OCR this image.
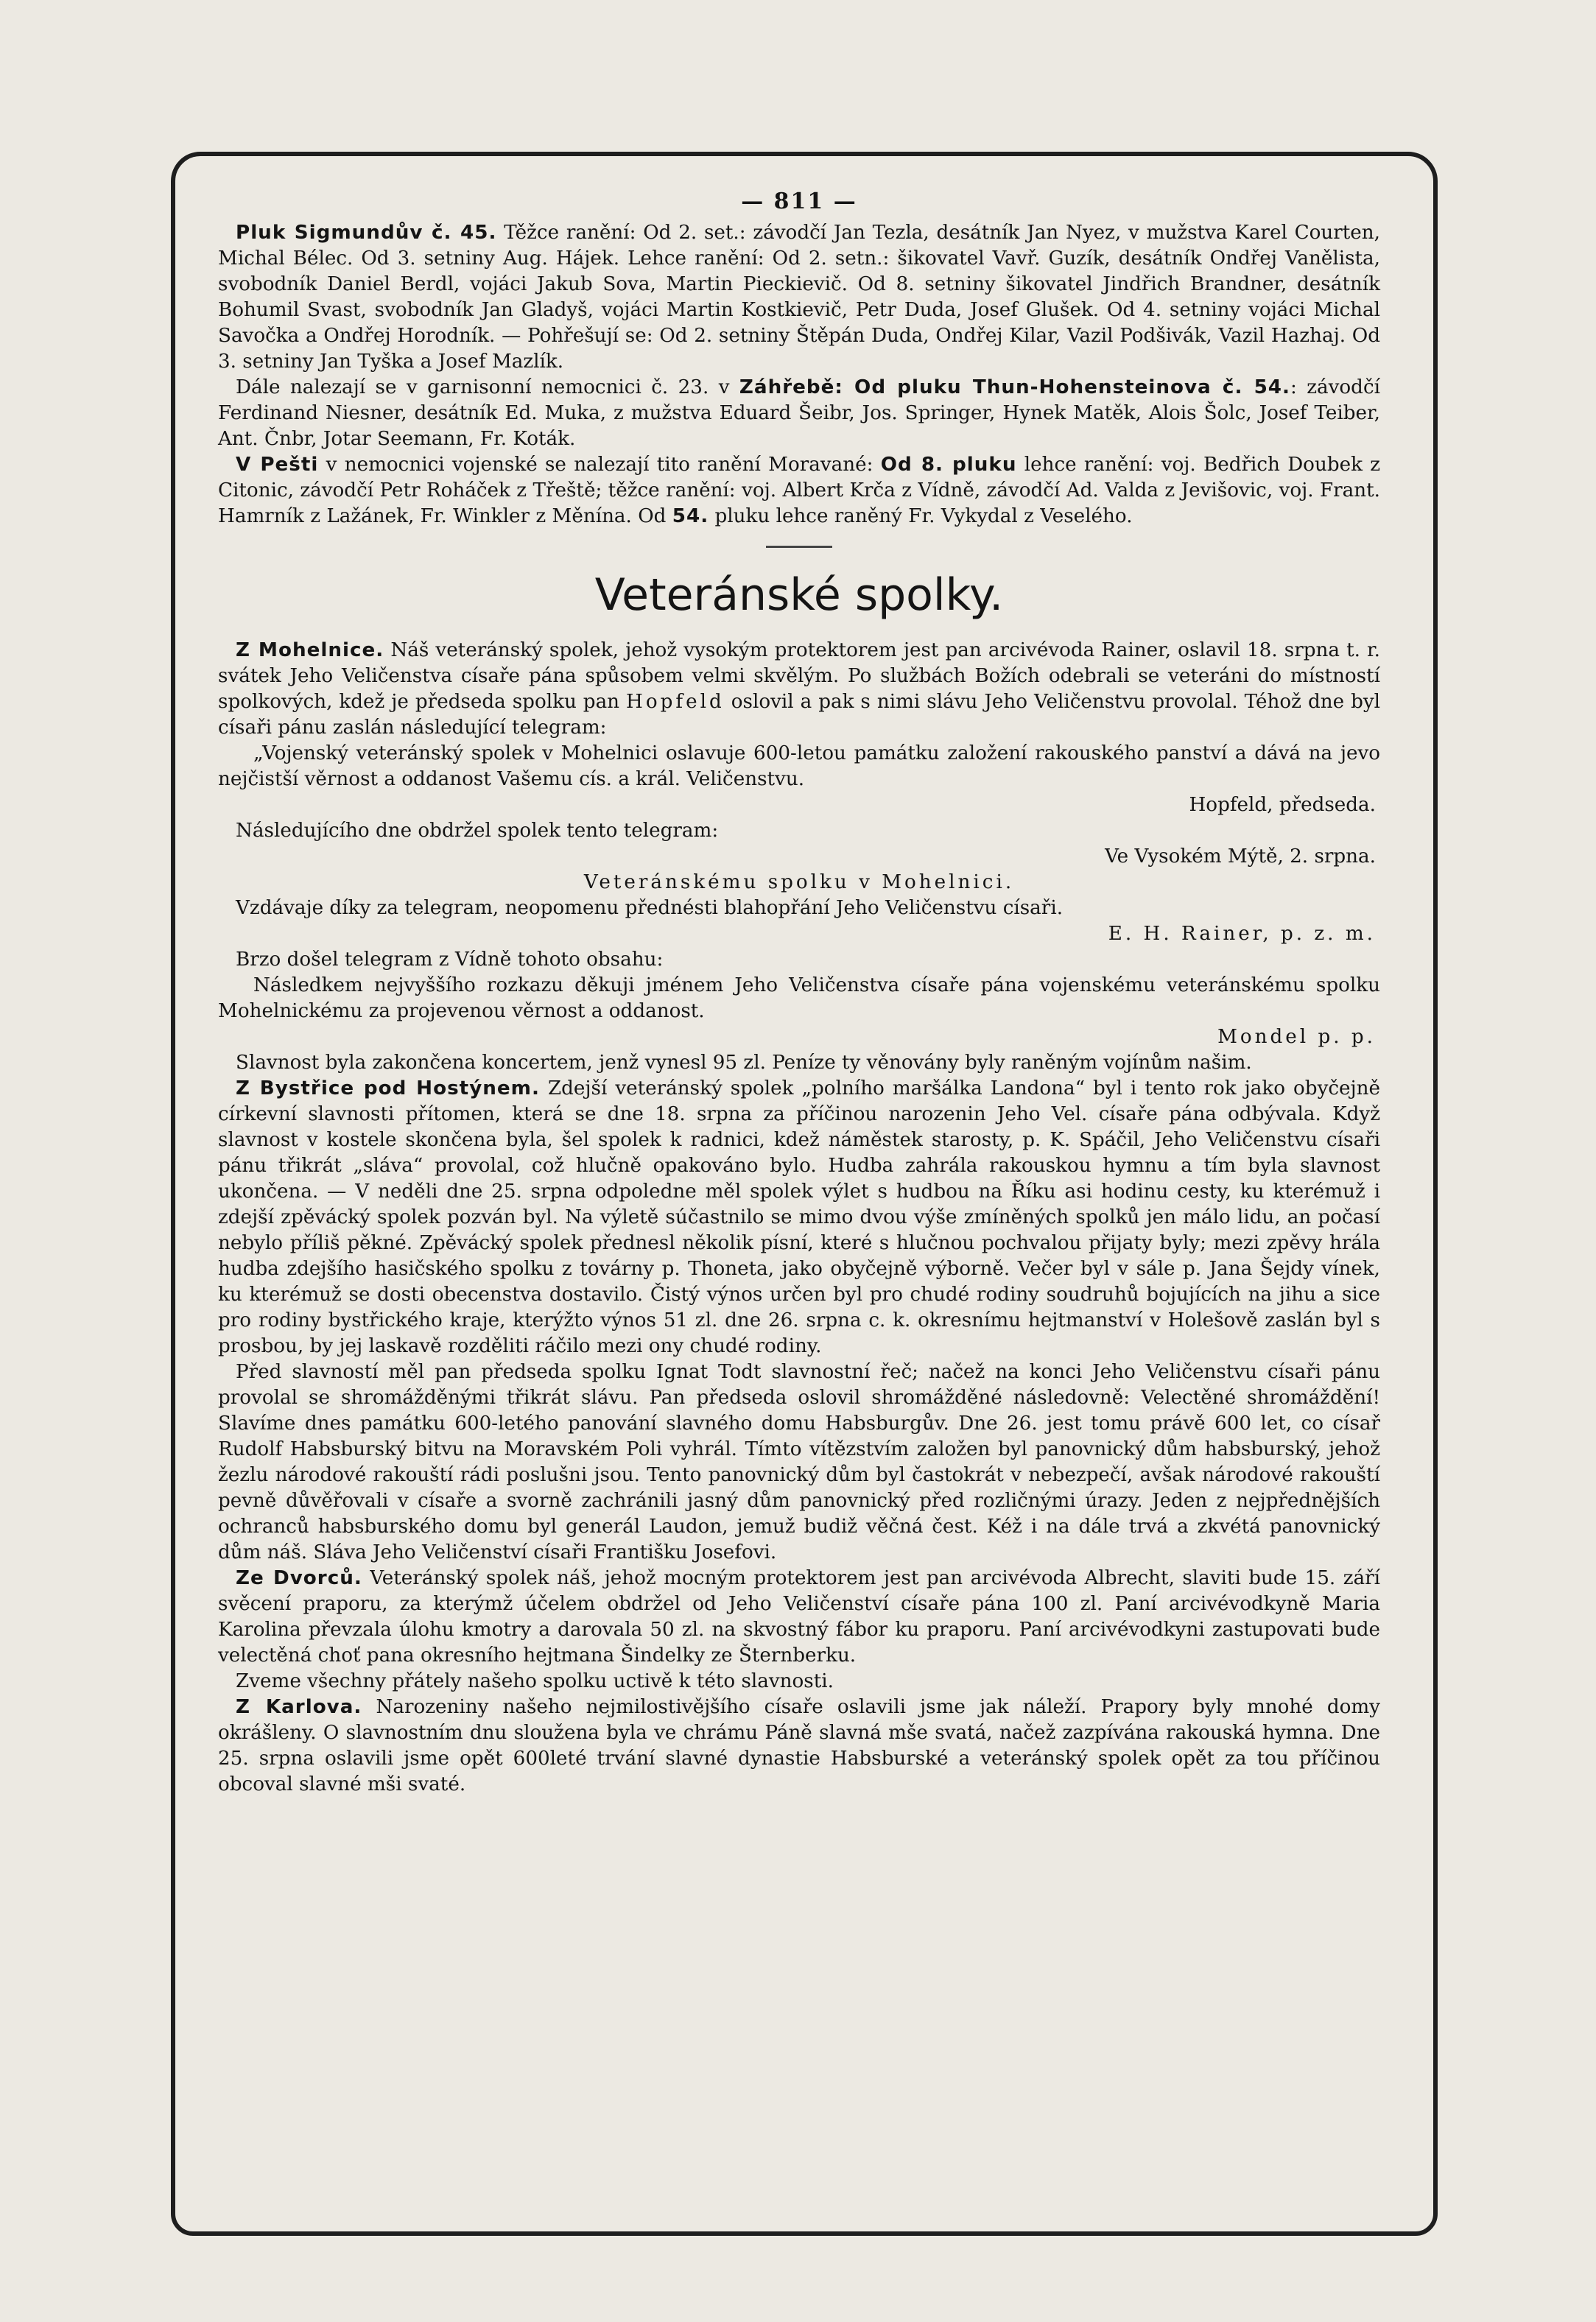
— 811 —

Pluk Sigmundův č. 45. Těžce ranění: Od 2. set.: závodčí Jan Tezla, desátník Jan Nyez, v mužstva Karel Courten, Michal Bélec. Od 3. setniny Aug. Hájek. Lehce ranění: Od 2. setn.: šikovatel Vavř. Guzík, desátník Ondřej Vanělista, svobodník Daniel Berdl, vojáci Jakub Sova, Martin Pieckievič. Od 8. setniny šikovatel Jindřich Brandner, desátník Bohumil Svast, svobodník Jan Gladyš, vojáci Martin Kostkievič, Petr Duda, Josef Glušek. Od 4. setniny vojáci Michal Savočka a Ondřej Horodník. — Pohřešují se: Od 2. setniny Štěpán Duda, Ondřej Kilar, Vazil Podšivák, Vazil Hazhaj. Od 3. setniny Jan Tyška a Josef Mazlík.

Dále nalezají se v garnisonní nemocnici č. 23. v Záhřebě: Od pluku Thun-Hohensteinova č. 54.: závodčí Ferdinand Niesner, desátník Ed. Muka, z mužstva Eduard Šeibr, Jos. Springer, Hynek Matěk, Alois Šolc, Josef Teiber, Ant. Čnbr, Jotar Seemann, Fr. Koták.

V Pešti v nemocnici vojenské se nalezají tito ranění Moravané: Od 8. pluku lehce ranění: voj. Bedřich Doubek z Citonic, závodčí Petr Roháček z Třeště; těžce ranění: voj. Albert Krča z Vídně, závodčí Ad. Valda z Jevišovic, voj. Frant. Hamrník z Lažánek, Fr. Winkler z Měnína. Od 54. pluku lehce raněný Fr. Vykydal z Veselého.

Veteránské spolky.

Z Mohelnice. Náš veteránský spolek, jehož vysokým protektorem jest pan arcivévoda Rainer, oslavil 18. srpna t. r. svátek Jeho Veličenstva císaře pána spůsobem velmi skvělým. Po službách Božích odebrali se veteráni do místností spolkových, kdež je předseda spolku pan Hopfeld oslovil a pak s nimi slávu Jeho Veličenstvu provolal. Téhož dne byl císaři pánu zaslán následující telegram:

„Vojenský veteránský spolek v Mohelnici oslavuje 600-letou památku založení rakouského panství a dává na jevo nejčistší věrnost a oddanost Vašemu cís. a král. Veličenstvu.

Hopfeld, předseda.

Následujícího dne obdržel spolek tento telegram:

Ve Vysokém Mýtě, 2. srpna.

Veteránskému spolku v Mohelnici.

Vzdávaje díky za telegram, neopomenu přednésti blahopřání Jeho Veličenstvu císaři.

E. H. Rainer, p. z. m.

Brzo došel telegram z Vídně tohoto obsahu:

Následkem nejvyššího rozkazu děkuji jménem Jeho Veličenstva císaře pána vojenskému veteránskému spolku Mohelnickému za projevenou věrnost a oddanost.

Mondel p. p.

Slavnost byla zakončena koncertem, jenž vynesl 95 zl. Peníze ty věnovány byly raněným vojínům našim.

Z Bystřice pod Hostýnem. Zdejší veteránský spolek „polního maršálka Landona“ byl i tento rok jako obyčejně církevní slavnosti přítomen, která se dne 18. srpna za příčinou narozenin Jeho Vel. císaře pána odbývala. Když slavnost v kostele skončena byla, šel spolek k radnici, kdež náměstek starosty, p. K. Spáčil, Jeho Veličenstvu císaři pánu třikrát „sláva“ provolal, což hlučně opakováno bylo. Hudba zahrála rakouskou hymnu a tím byla slavnost ukončena. — V neděli dne 25. srpna odpoledne měl spolek výlet s hudbou na Říku asi hodinu cesty, ku kterémuž i zdejší zpěvácký spolek pozván byl. Na výletě súčastnilo se mimo dvou výše zmíněných spolků jen málo lidu, an počasí nebylo příliš pěkné. Zpěvácký spolek přednesl několik písní, které s hlučnou pochvalou přijaty byly; mezi zpěvy hrála hudba zdejšího hasičského spolku z továrny p. Thoneta, jako obyčejně výborně. Večer byl v sále p. Jana Šejdy vínek, ku kterémuž se dosti obecenstva dostavilo. Čistý výnos určen byl pro chudé rodiny soudruhů bojujících na jihu a sice pro rodiny bystřického kraje, kterýžto výnos 51 zl. dne 26. srpna c. k. okresnímu hejtmanství v Holešově zaslán byl s prosbou, by jej laskavě rozděliti ráčilo mezi ony chudé rodiny.

Před slavností měl pan předseda spolku Ignat Todt slavnostní řeč; načež na konci Jeho Veličenstvu císaři pánu provolal se shromážděnými třikrát slávu. Pan předseda oslovil shromážděné následovně: Velectěné shromáždění! Slavíme dnes památku 600-letého panování slavného domu Habsburgův. Dne 26. jest tomu právě 600 let, co císař Rudolf Habsburský bitvu na Moravském Poli vyhrál. Tímto vítězstvím založen byl panovnický dům habsburský, jehož žezlu národové rakouští rádi poslušni jsou. Tento panovnický dům byl častokrát v nebezpečí, avšak národové rakouští pevně důvěřovali v císaře a svorně zachránili jasný dům panovnický před rozličnými úrazy. Jeden z nejpřednějších ochranců habsburského domu byl generál Laudon, jemuž budiž věčná čest. Kéž i na dále trvá a zkvétá panovnický dům náš. Sláva Jeho Veličenství císaři Františku Josefovi.

Ze Dvorců. Veteránský spolek náš, jehož mocným protektorem jest pan arcivévoda Albrecht, slaviti bude 15. září svěcení praporu, za kterýmž účelem obdržel od Jeho Veličenství císaře pána 100 zl. Paní arcivévodkyně Maria Karolina převzala úlohu kmotry a darovala 50 zl. na skvostný fábor ku praporu. Paní arcivévodkyni zastupovati bude velectěná choť pana okresního hejtmana Šindelky ze Šternberku.

Zveme všechny přátely našeho spolku uctivě k této slavnosti.

Z Karlova. Narozeniny našeho nejmilostivějšího císaře oslavili jsme jak náleží. Prapory byly mnohé domy okrášleny. O slavnostním dnu sloužena byla ve chrámu Páně slavná mše svatá, načež zazpívána rakouská hymna. Dne 25. srpna oslavili jsme opět 600leté trvání slavné dynastie Habsburské a veteránský spolek opět za tou příčinou obcoval slavné mši svaté.
